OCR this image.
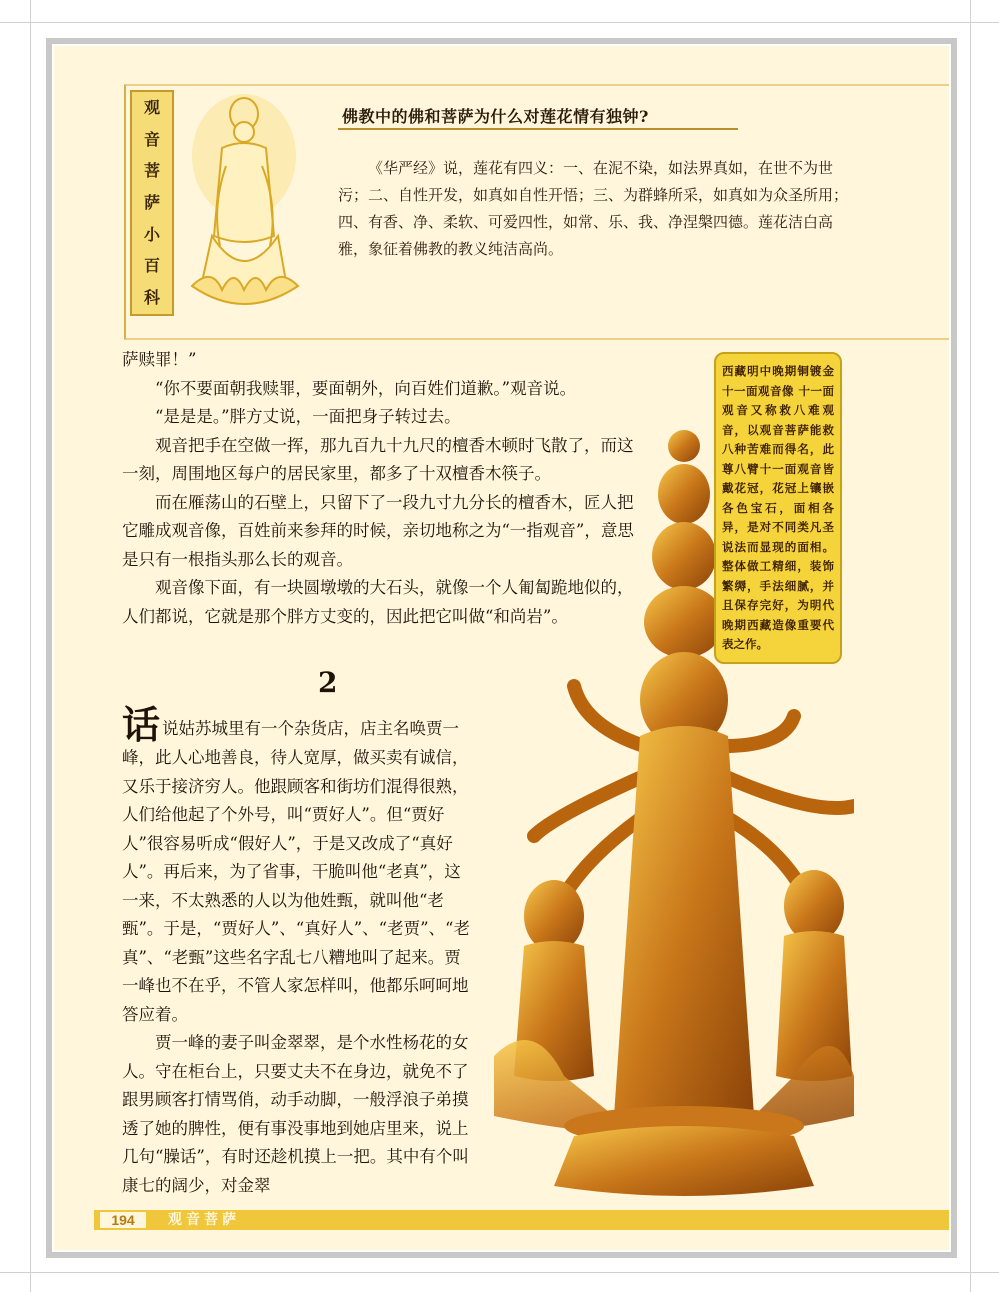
观
音
菩
萨
小
百
科
佛教中的佛和菩萨为什么对莲花情有独钟?

《华严经》说，莲花有四义：一、在泥不染，如法界真如，在世不为世污；二、自性开发，如真如自性开悟；三、为群蜂所采，如真如为众圣所用；四、有香、净、柔软、可爱四性，如常、乐、我、净涅槃四德。莲花洁白高雅，象征着佛教的教义纯洁高尚。

萨赎罪！”
“你不要面朝我赎罪，要面朝外，向百姓们道歉。”观音说。
“是是是。”胖方丈说，一面把身子转过去。
观音把手在空做一挥，那九百九十九尺的檀香木顿时飞散了，而这一刻，周围地区每户的居民家里，都多了十双檀香木筷子。
而在雁荡山的石壁上，只留下了一段九寸九分长的檀香木，匠人把它雕成观音像，百姓前来参拜的时候，亲切地称之为“一指观音”，意思是只有一根指头那么长的观音。
观音像下面，有一块圆墩墩的大石头，就像一个人匍匐跪地似的，人们都说，它就是那个胖方丈变的，因此把它叫做“和尚岩”。
2
话说姑苏城里有一个杂货店，店主名唤贾一峰，此人心地善良，待人宽厚，做买卖有诚信，又乐于接济穷人。他跟顾客和街坊们混得很熟，人们给他起了个外号，叫“贾好人”。但“贾好人”很容易听成“假好人”，于是又改成了“真好人”。再后来，为了省事，干脆叫他“老真”，这一来，不太熟悉的人以为他姓甄，就叫他“老甄”。于是，“贾好人”、“真好人”、“老贾”、“老真”、“老甄”这些名字乱七八糟地叫了起来。贾一峰也不在乎，不管人家怎样叫，他都乐呵呵地答应着。
贾一峰的妻子叫金翠翠，是个水性杨花的女人。守在柜台上，只要丈夫不在身边，就免不了跟男顾客打情骂俏，动手动脚，一般浮浪子弟摸透了她的脾性，便有事没事地到她店里来，说上几句“臊话”，有时还趁机摸上一把。其中有个叫康七的阔少，对金翠
西藏明中晚期铜镀金十一面观音像 十一面观音又称救八难观音，以观音菩萨能救八种苦难而得名，此尊八臂十一面观音皆戴花冠，花冠上镶嵌各色宝石，面相各异，是对不同类凡圣说法而显现的面相。整体做工精细，装饰繁缛，手法细腻，并且保存完好，为明代晚期西藏造像重要代表之作。
194	观音菩萨
